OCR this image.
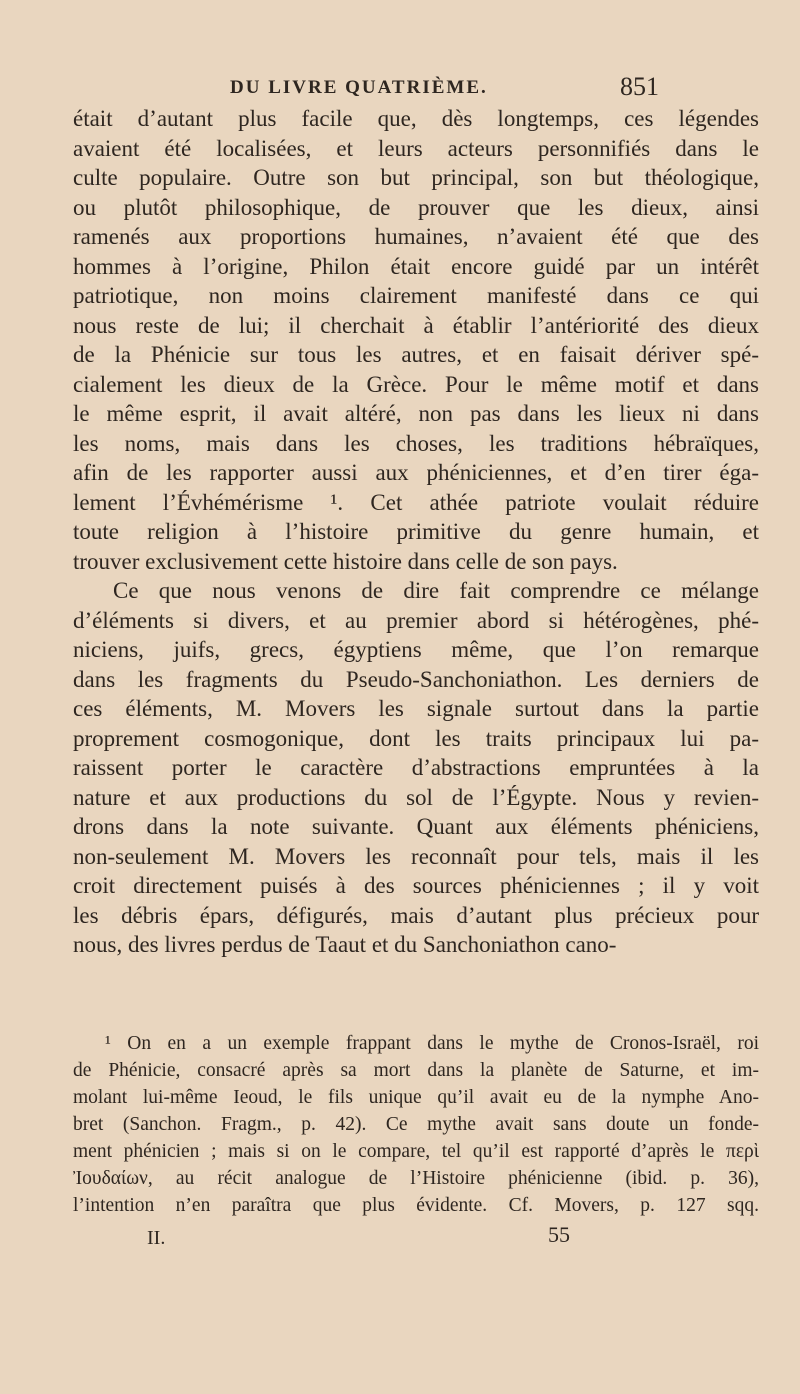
DU LIVRE QUATRIÈME.	851
était d’autant plus facile que, dès longtemps, ces légendes
avaient été localisées, et leurs acteurs personnifiés dans le
culte populaire. Outre son but principal, son but théologique,
ou plutôt philosophique, de prouver que les dieux, ainsi
ramenés aux proportions humaines, n’avaient été que des
hommes à l’origine, Philon était encore guidé par un intérêt
patriotique, non moins clairement manifesté dans ce qui
nous reste de lui; il cherchait à établir l’antériorité des dieux
de la Phénicie sur tous les autres, et en faisait dériver spé-
cialement les dieux de la Grèce. Pour le même motif et dans
le même esprit, il avait altéré, non pas dans les lieux ni dans
les noms, mais dans les choses, les traditions hébraïques,
afin de les rapporter aussi aux phéniciennes, et d’en tirer éga-
lement l’Évhémérisme ¹. Cet athée patriote voulait réduire
toute religion à l’histoire primitive du genre humain, et
trouver exclusivement cette histoire dans celle de son pays.
Ce que nous venons de dire fait comprendre ce mélange
d’éléments si divers, et au premier abord si hétérogènes, phé-
niciens, juifs, grecs, égyptiens même, que l’on remarque
dans les fragments du Pseudo-Sanchoniathon. Les derniers de
ces éléments, M. Movers les signale surtout dans la partie
proprement cosmogonique, dont les traits principaux lui pa-
raissent porter le caractère d’abstractions empruntées à la
nature et aux productions du sol de l’Égypte. Nous y revien-
drons dans la note suivante. Quant aux éléments phéniciens,
non-seulement M. Movers les reconnaît pour tels, mais il les
croit directement puisés à des sources phéniciennes ; il y voit
les débris épars, défigurés, mais d’autant plus précieux pour
nous, des livres perdus de Taaut et du Sanchoniathon cano-
¹ On en a un exemple frappant dans le mythe de Cronos-Israël, roi
de Phénicie, consacré après sa mort dans la planète de Saturne, et im-
molant lui-même Ieoud, le fils unique qu’il avait eu de la nymphe Ano-
bret (Sanchon. Fragm., p. 42). Ce mythe avait sans doute un fonde-
ment phénicien ; mais si on le compare, tel qu’il est rapporté d’après le περὶ
Ἰουδαίων, au récit analogue de l’Histoire phénicienne (ibid. p. 36),
l’intention n’en paraîtra que plus évidente. Cf. Movers, p. 127 sqq.
II.	55
